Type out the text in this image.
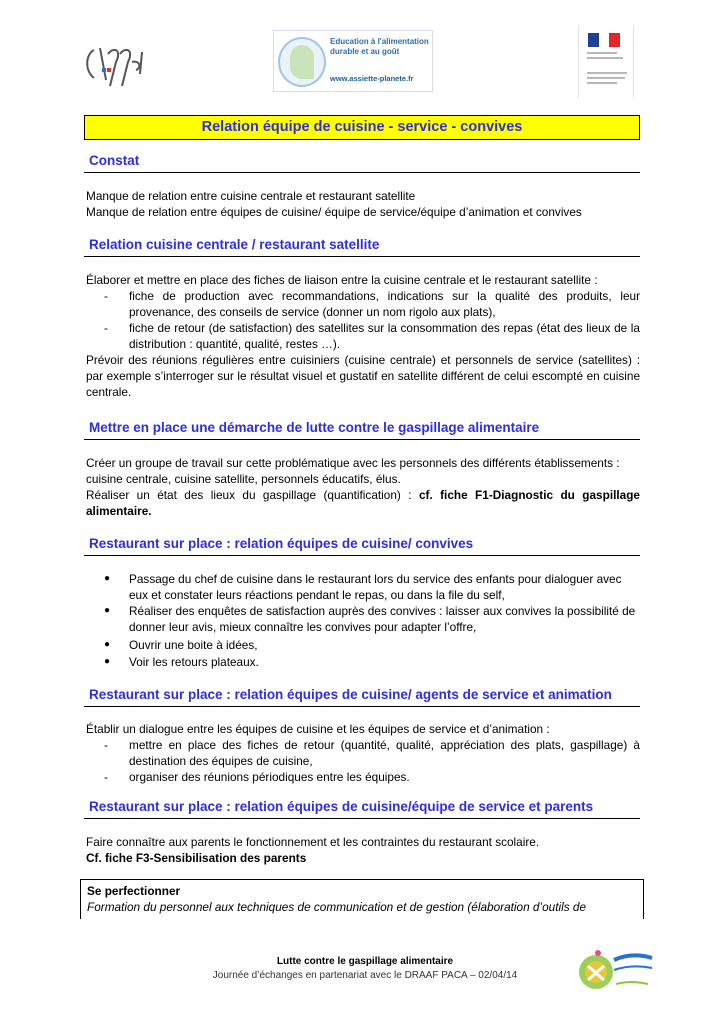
Education à l'alimentation durable et au goût
www.assiette-planete.fr
Relation équipe de cuisine - service - convives
Constat
Manque de relation entre cuisine centrale et restaurant satellite
Manque de relation entre équipes de cuisine/ équipe de service/équipe d’animation et convives
Relation cuisine centrale / restaurant satellite
Élaborer et mettre en place des fiches de liaison entre la cuisine centrale et le restaurant satellite :
- fiche de production avec recommandations, indications sur la qualité des produits, leur provenance, des conseils de service (donner un nom rigolo aux plats),
- fiche de retour (de satisfaction) des satellites sur la consommation des repas (état des lieux de la distribution : quantité, qualité, restes …).
Prévoir des réunions régulières entre cuisiniers (cuisine centrale) et personnels de service (satellites) : par exemple s’interroger sur le résultat visuel et gustatif en satellite différent de celui escompté en cuisine centrale.
Mettre en place une démarche de lutte contre le gaspillage alimentaire
Créer un groupe de travail sur cette problématique avec les personnels des différents établissements : cuisine centrale, cuisine satellite, personnels éducatifs, élus.
Réaliser un état des lieux du gaspillage (quantification) : cf. fiche F1-Diagnostic du gaspillage alimentaire.
Restaurant sur place : relation équipes de cuisine/ convives
● Passage du chef de cuisine dans le restaurant lors du service des enfants pour dialoguer avec eux et constater leurs réactions pendant le repas, ou dans la file du self,
● Réaliser des enquêtes de satisfaction auprès des convives : laisser aux convives la possibilité de donner leur avis, mieux connaître les convives pour adapter l’offre,
● Ouvrir une boite à idées,
● Voir les retours plateaux.
Restaurant sur place : relation équipes de cuisine/ agents de service et animation
Établir un dialogue entre les équipes de cuisine et les équipes de service et d’animation :
- mettre en place des fiches de retour (quantité, qualité, appréciation des plats, gaspillage) à destination des équipes de cuisine,
- organiser des réunions périodiques entre les équipes.
Restaurant sur place : relation équipes de cuisine/équipe de service et parents
Faire connaître aux parents le fonctionnement et les contraintes du restaurant scolaire.
Cf. fiche F3-Sensibilisation des parents
Se perfectionner
Formation du personnel aux techniques de communication et de gestion (élaboration d’outils de
Lutte contre le gaspillage alimentaire
Journée d’échanges en partenariat avec le DRAAF PACA – 02/04/14
